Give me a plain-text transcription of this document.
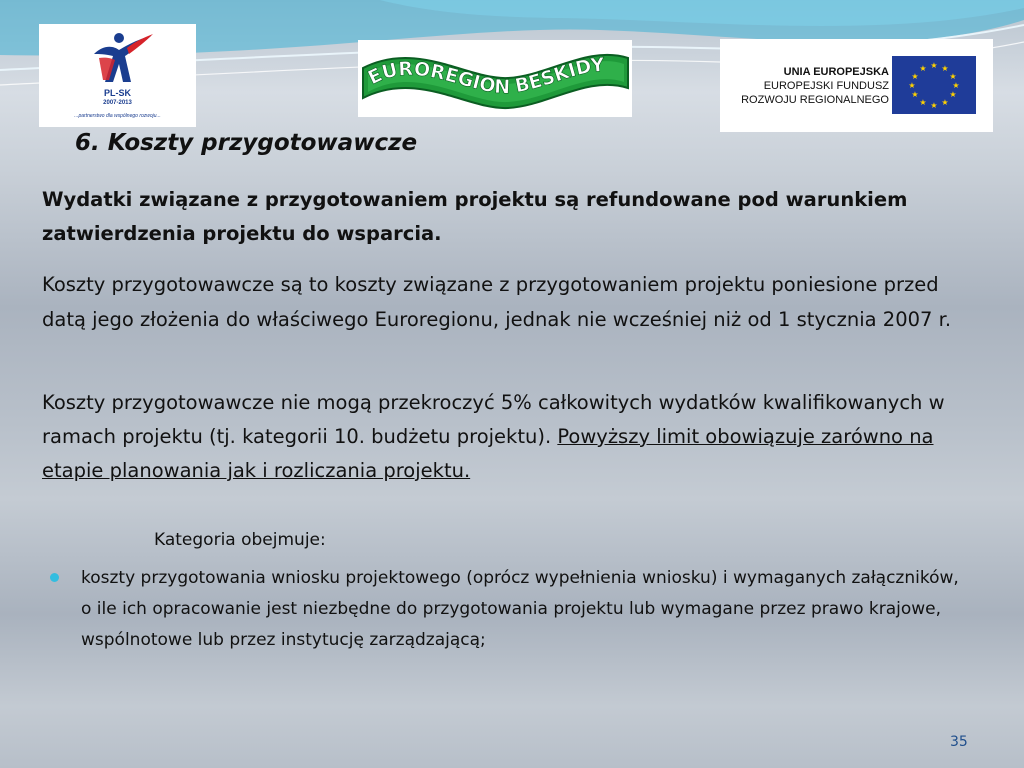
PL-SK
2007-2013
...partnerstwo dla wspólnego rozwoju...
EUROREGION BESKIDY	UNIA EUROPEJSKA
EUROPEJSKI FUNDUSZ
ROZWOJU REGIONALNEGO
★ ★
★
★
★
★
★
★
★
★
★
★
6. Koszty przygotowawcze
Wydatki związane z przygotowaniem projektu są refundowane pod warunkiem zatwierdzenia projektu do wsparcia.
Koszty przygotowawcze są to koszty związane z przygotowaniem projektu poniesione przed datą jego złożenia do właściwego Euroregionu, jednak nie wcześniej niż od 1 stycznia 2007 r.
Koszty przygotowawcze nie mogą przekroczyć 5% całkowitych wydatków kwalifikowanych w ramach projektu (tj. kategorii 10. budżetu projektu). Powyższy limit obowiązuje zarówno na etapie planowania jak i rozliczania projektu.
Kategoria obejmuje:
koszty przygotowania wniosku projektowego (oprócz wypełnienia wniosku) i wymaganych załączników, o ile ich opracowanie jest niezbędne do przygotowania projektu lub wymagane przez prawo krajowe, wspólnotowe lub przez instytucję zarządzającą;
35
